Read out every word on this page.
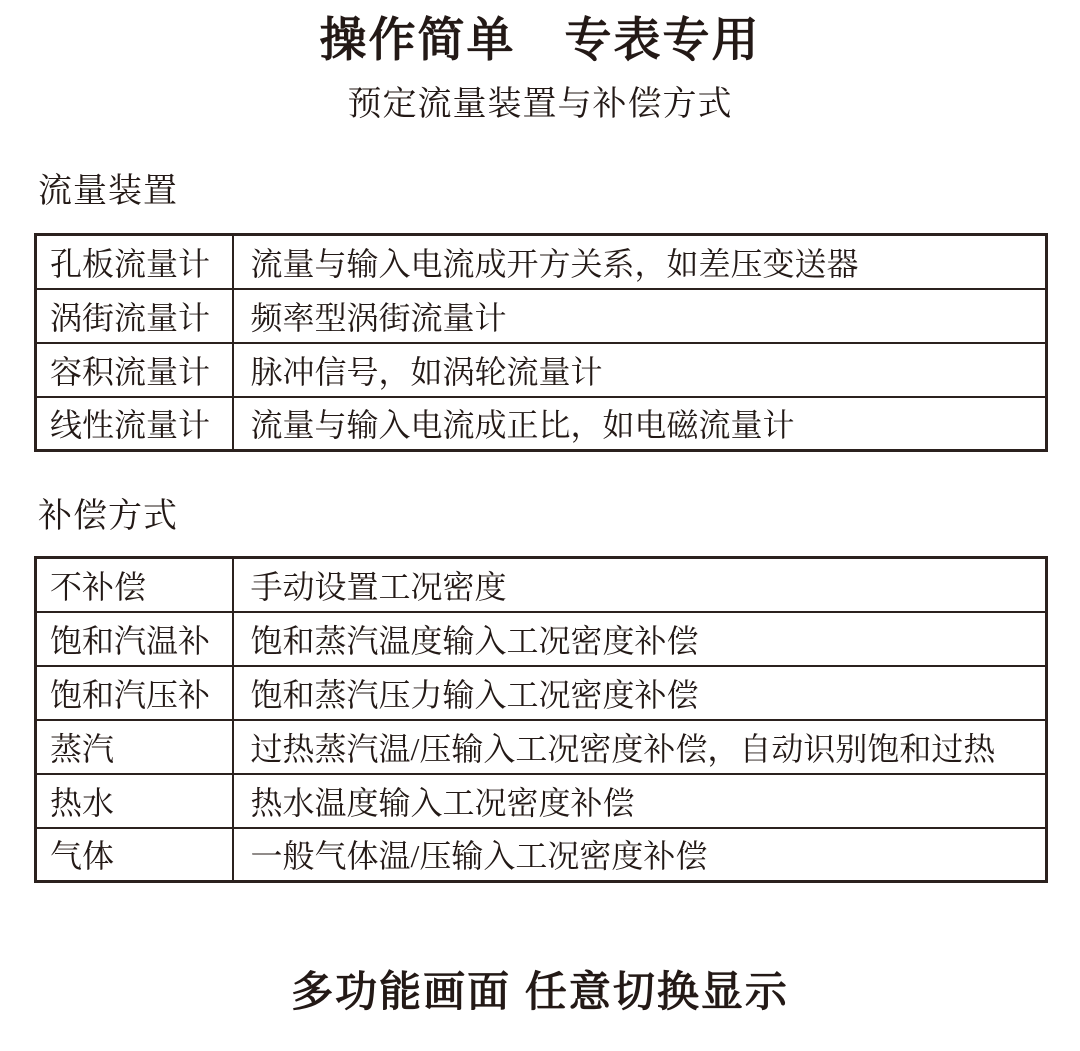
操作简单　专表专用
预定流量装置与补偿方式
流量装置
孔板流量计	流量与输入电流成开方关系，如差压变送器
涡街流量计	频率型涡街流量计
容积流量计	脉冲信号，如涡轮流量计
线性流量计	流量与输入电流成正比，如电磁流量计
补偿方式
不补偿	手动设置工况密度
饱和汽温补	饱和蒸汽温度输入工况密度补偿
饱和汽压补	饱和蒸汽压力输入工况密度补偿
蒸汽	过热蒸汽温/压输入工况密度补偿，自动识别饱和过热
热水	热水温度输入工况密度补偿
气体	一般气体温/压输入工况密度补偿
多功能画面 任意切换显示
